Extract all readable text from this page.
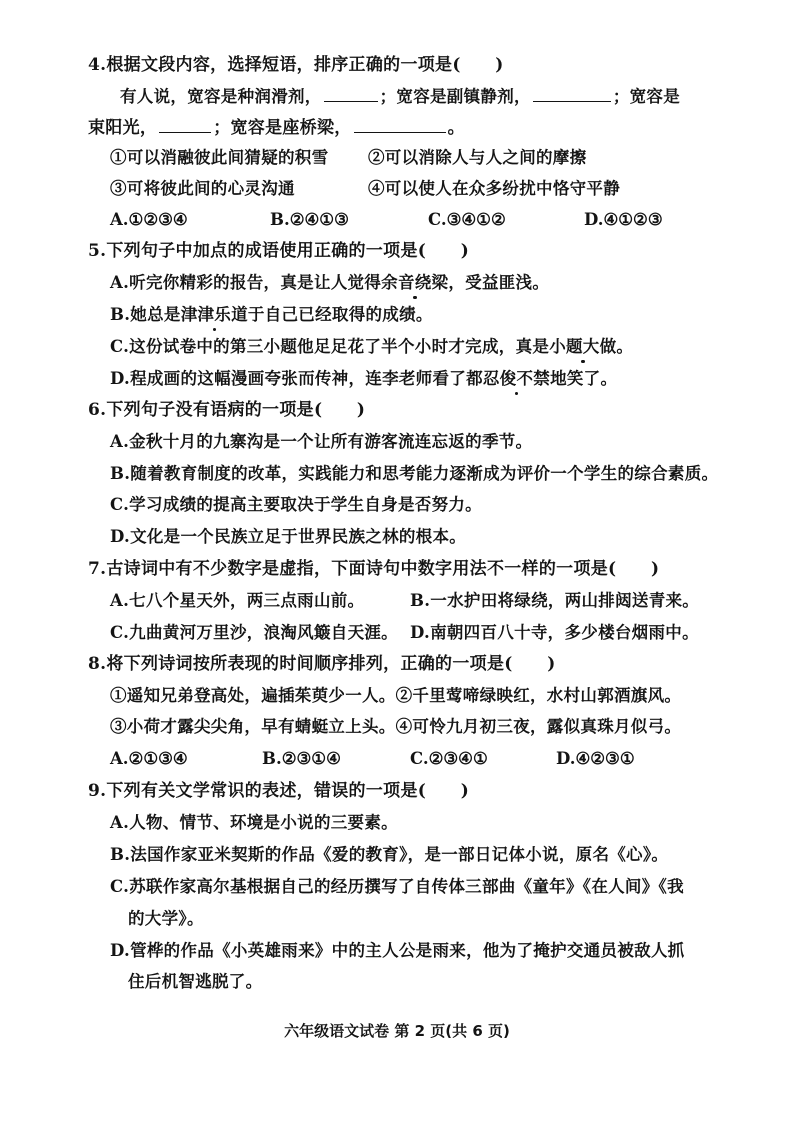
4.根据文段内容，选择短语，排序正确的一项是(　　)
有人说，宽容是种润滑剂，	；宽容是副镇静剂，	；宽容是
束阳光，	；宽容是座桥梁，	。
①可以消融彼此间猜疑的积雪 ②可以消除人与人之间的摩擦
③可将彼此间的心灵沟通	④可以使人在众多纷扰中恪守平静
A.①②③④	B.②④①③	C.③④①②	D.④①②③
5.下列句子中加点的成语使用正确的一项是(　　)
A.听完你精彩的报告，真是让人觉得余音绕梁，受益匪浅。
B.她总是津津乐道于自己已经取得的成绩。
C.这份试卷中的第三小题他足足花了半个小时才完成，真是小题大做。
D.程成画的这幅漫画夸张而传神，连李老师看了都忍俊不禁地笑了。
6.下列句子没有语病的一项是(　　)
A.金秋十月的九寨沟是一个让所有游客流连忘返的季节。
B.随着教育制度的改革，实践能力和思考能力逐渐成为评价一个学生的综合素质。
C.学习成绩的提高主要取决于学生自身是否努力。
D.文化是一个民族立足于世界民族之林的根本。
7.古诗词中有不少数字是虚指，下面诗句中数字用法不一样的一项是(　　)
A.七八个星天外，两三点雨山前。	B.一水护田将绿绕，两山排闼送青来。
C.九曲黄河万里沙，浪淘风簸自天涯。 D.南朝四百八十寺，多少楼台烟雨中。
8.将下列诗词按所表现的时间顺序排列，正确的一项是(　　)
①遥知兄弟登高处，遍插茱萸少一人。②千里莺啼绿映红，水村山郭酒旗风。
③小荷才露尖尖角，早有蜻蜓立上头。④可怜九月初三夜，露似真珠月似弓。
A.②①③④	B.②③①④	C.②③④①	D.④②③①
9.下列有关文学常识的表述，错误的一项是(　　)
A.人物、情节、环境是小说的三要素。
B.法国作家亚米契斯的作品《爱的教育》，是一部日记体小说，原名《心》。
C.苏联作家高尔基根据自己的经历撰写了自传体三部曲《童年》《在人间》《我
的大学》。
D.管桦的作品《小英雄雨来》中的主人公是雨来，他为了掩护交通员被敌人抓
住后机智逃脱了。
六年级语文试卷 第 2 页(共 6 页)
